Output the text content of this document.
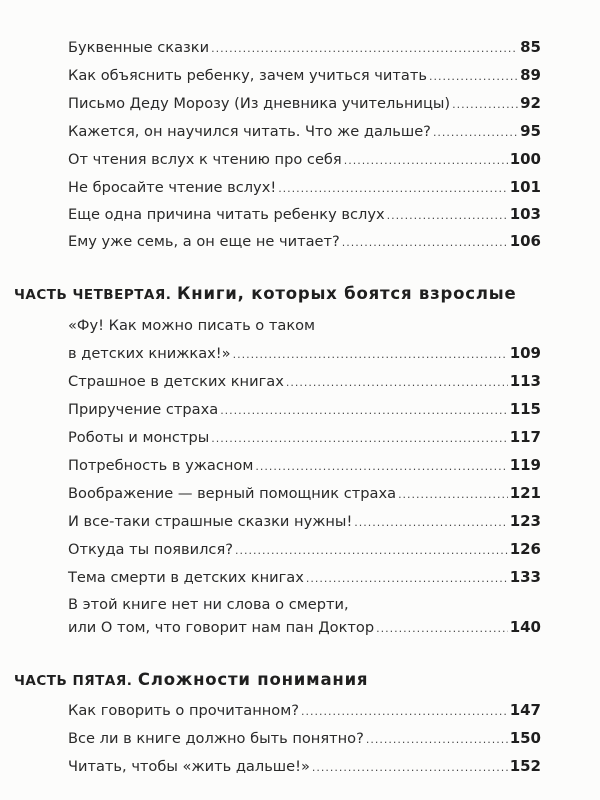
Буквенные сказки .....	85
Как объяснить ребенку, зачем учиться читать .....	89
Письмо Деду Морозу (Из дневника учительницы) .....	92
Кажется, он научился читать. Что же дальше? .....	95
От чтения вслух к чтению про себя .....	100
Не бросайте чтение вслух! .....	101
Еще одна причина читать ребенку вслух .....	103
Ему уже семь, а он еще не читает? .....	106
ЧАСТЬ ЧЕТВЕРТАЯ. Книги, которых боятся взрослые
«Фу! Как можно писать о таком
в детских книжках!» .....	109
Страшное в детских книгах .....	113
Приручение страха .....	115
Роботы и монстры .....	117
Потребность в ужасном .....	119
Воображение — верный помощник страха .....	121
И все-таки страшные сказки нужны! .....	123
Откуда ты появился? .....	126
Тема смерти в детских книгах .....	133
В этой книге нет ни слова о смерти,
или О том, что говорит нам пан Доктор .....	140
ЧАСТЬ ПЯТАЯ. Сложности понимания
Как говорить о прочитанном? .....	147
Все ли в книге должно быть понятно? .....	150
Читать, чтобы «жить дальше!» .....	152
